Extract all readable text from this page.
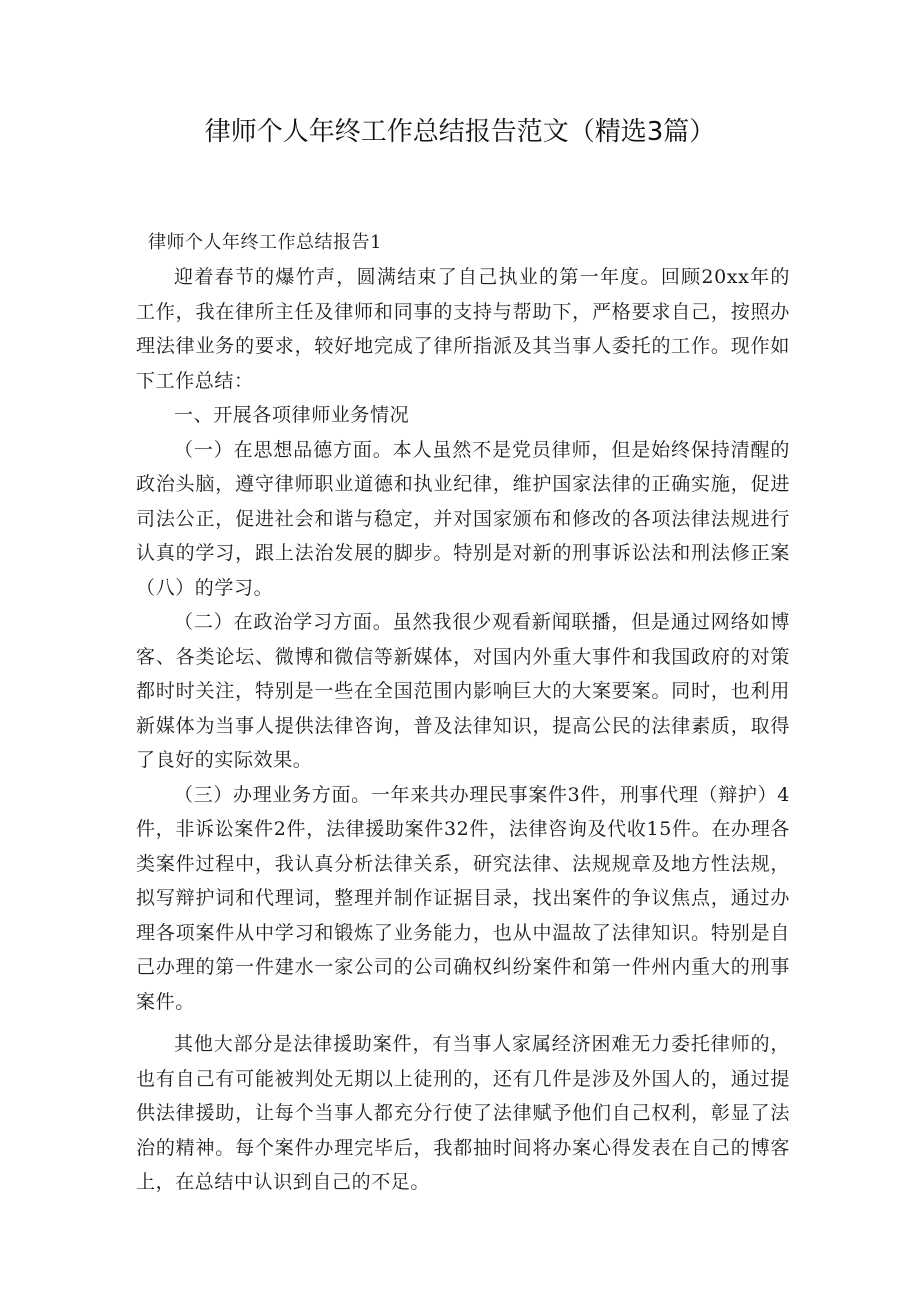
律师个人年终工作总结报告范文（精选3篇）
律师个人年终工作总结报告1

迎着春节的爆竹声，圆满结束了自己执业的第一年度。回顾20xx年的工作，我在律所主任及律师和同事的支持与帮助下，严格要求自己，按照办理法律业务的要求，较好地完成了律所指派及其当事人委托的工作。现作如下工作总结：

一、开展各项律师业务情况

（一）在思想品德方面。本人虽然不是党员律师，但是始终保持清醒的政治头脑，遵守律师职业道德和执业纪律，维护国家法律的正确实施，促进司法公正，促进社会和谐与稳定，并对国家颁布和修改的各项法律法规进行认真的学习，跟上法治发展的脚步。特别是对新的刑事诉讼法和刑法修正案（八）的学习。

（二）在政治学习方面。虽然我很少观看新闻联播，但是通过网络如博客、各类论坛、微博和微信等新媒体，对国内外重大事件和我国政府的对策都时时关注，特别是一些在全国范围内影响巨大的大案要案。同时，也利用新媒体为当事人提供法律咨询，普及法律知识，提高公民的法律素质，取得了良好的实际效果。

（三）办理业务方面。一年来共办理民事案件3件，刑事代理（辩护）4件，非诉讼案件2件，法律援助案件32件，法律咨询及代收15件。在办理各类案件过程中，我认真分析法律关系，研究法律、法规规章及地方性法规，拟写辩护词和代理词，整理并制作证据目录，找出案件的争议焦点，通过办理各项案件从中学习和锻炼了业务能力，也从中温故了法律知识。特别是自己办理的第一件建水一家公司的公司确权纠纷案件和第一件州内重大的刑事案件。

其他大部分是法律援助案件，有当事人家属经济困难无力委托律师的，也有自己有可能被判处无期以上徒刑的，还有几件是涉及外国人的，通过提供法律援助，让每个当事人都充分行使了法律赋予他们自己权利，彰显了法治的精神。每个案件办理完毕后，我都抽时间将办案心得发表在自己的博客上，在总结中认识到自己的不足。
